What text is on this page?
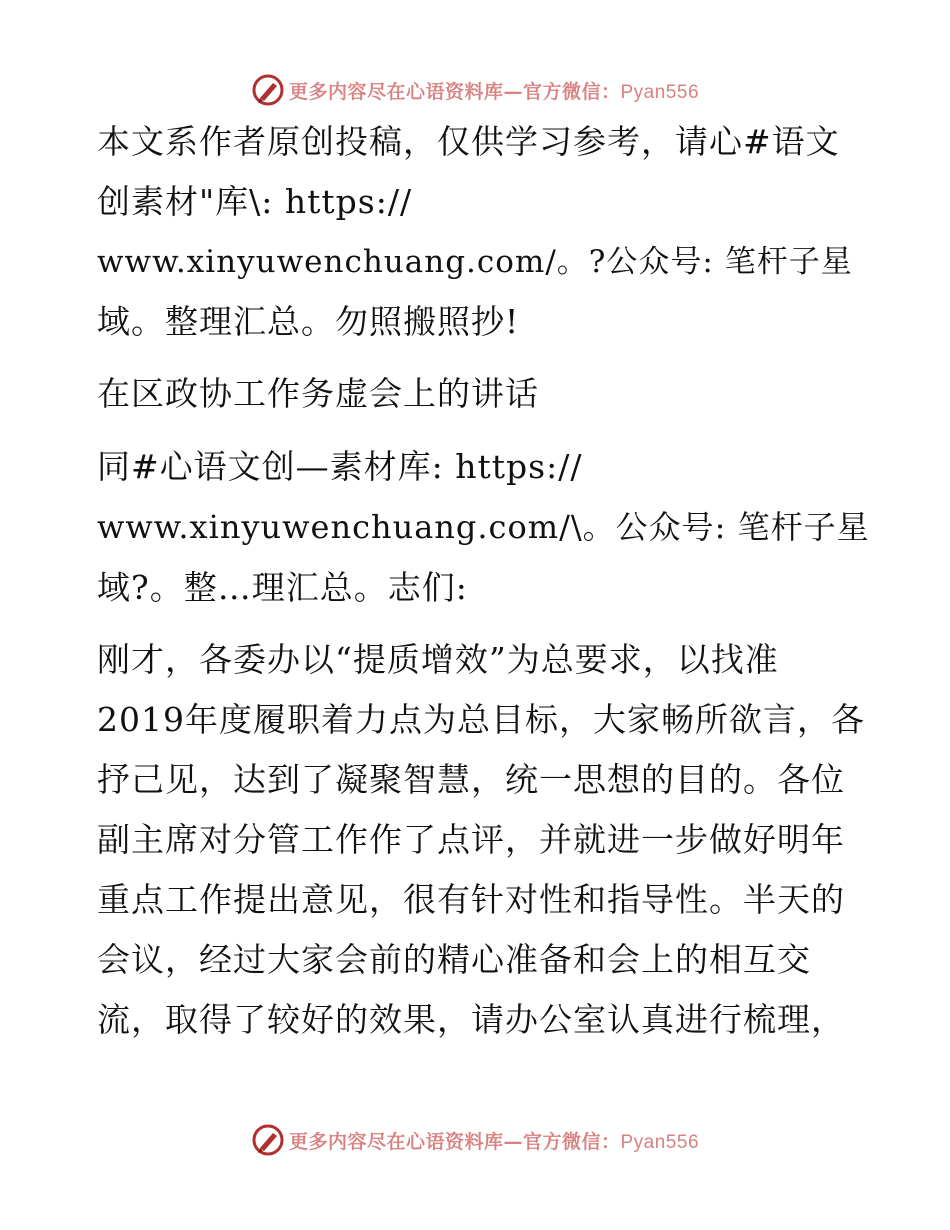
更多内容尽在心语资料库—官方微信：Pyan556
本文系作者原创投稿，仅供学习参考，请心#语文
创素材"库\: https://
www.xinyuwenchuang.com/。?公众号: 笔杆子星
域。整理汇总。勿照搬照抄!
在区政协工作务虚会上的讲话
同#心语文创—素材库: https://
www.xinyuwenchuang.com/\。公众号: 笔杆子星
域?。整…理汇总。志们:
刚才，各委办以“提质增效”为总要求，以找准
2019年度履职着力点为总目标，大家畅所欲言，各
抒己见，达到了凝聚智慧，统一思想的目的。各位
副主席对分管工作作了点评，并就进一步做好明年
重点工作提出意见，很有针对性和指导性。半天的
会议，经过大家会前的精心准备和会上的相互交
流，取得了较好的效果，请办公室认真进行梳理，
更多内容尽在心语资料库—官方微信：Pyan556
